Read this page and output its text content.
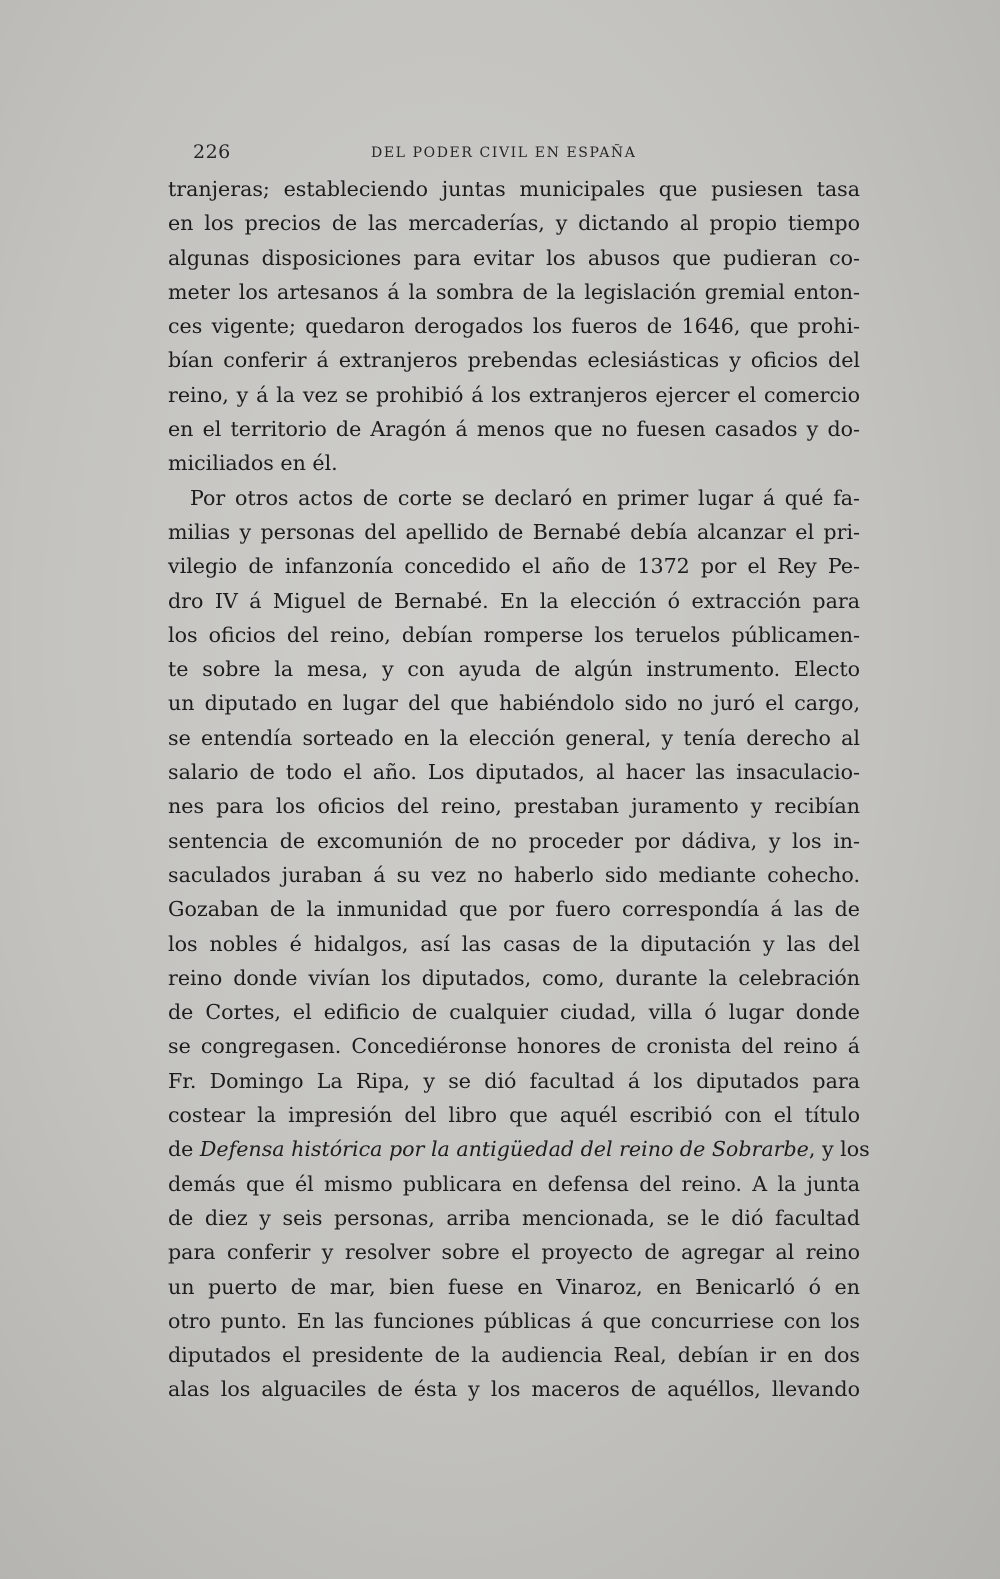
226	DEL PODER CIVIL EN ESPAÑA
tranjeras; estableciendo juntas municipales que pusiesen tasa
en los precios de las mercaderías, y dictando al propio tiempo
algunas disposiciones para evitar los abusos que pudieran co-
meter los artesanos á la sombra de la legislación gremial enton-
ces vigente; quedaron derogados los fueros de 1646, que prohi-
bían conferir á extranjeros prebendas eclesiásticas y oficios del
reino, y á la vez se prohibió á los extranjeros ejercer el comercio
en el territorio de Aragón á menos que no fuesen casados y do-
miciliados en él.
Por otros actos de corte se declaró en primer lugar á qué fa-
milias y personas del apellido de Bernabé debía alcanzar el pri-
vilegio de infanzonía concedido el año de 1372 por el Rey Pe-
dro IV á Miguel de Bernabé. En la elección ó extracción para
los oficios del reino, debían romperse los teruelos públicamen-
te sobre la mesa, y con ayuda de algún instrumento. Electo
un diputado en lugar del que habiéndolo sido no juró el cargo,
se entendía sorteado en la elección general, y tenía derecho al
salario de todo el año. Los diputados, al hacer las insaculacio-
nes para los oficios del reino, prestaban juramento y recibían
sentencia de excomunión de no proceder por dádiva, y los in-
saculados juraban á su vez no haberlo sido mediante cohecho.
Gozaban de la inmunidad que por fuero correspondía á las de
los nobles é hidalgos, así las casas de la diputación y las del
reino donde vivían los diputados, como, durante la celebración
de Cortes, el edificio de cualquier ciudad, villa ó lugar donde
se congregasen. Concediéronse honores de cronista del reino á
Fr. Domingo La Ripa, y se dió facultad á los diputados para
costear la impresión del libro que aquél escribió con el título
de Defensa histórica por la antigüedad del reino de Sobrarbe, y los
demás que él mismo publicara en defensa del reino. A la junta
de diez y seis personas, arriba mencionada, se le dió facultad
para conferir y resolver sobre el proyecto de agregar al reino
un puerto de mar, bien fuese en Vinaroz, en Benicarló ó en
otro punto. En las funciones públicas á que concurriese con los
diputados el presidente de la audiencia Real, debían ir en dos
alas los alguaciles de ésta y los maceros de aquéllos, llevando
